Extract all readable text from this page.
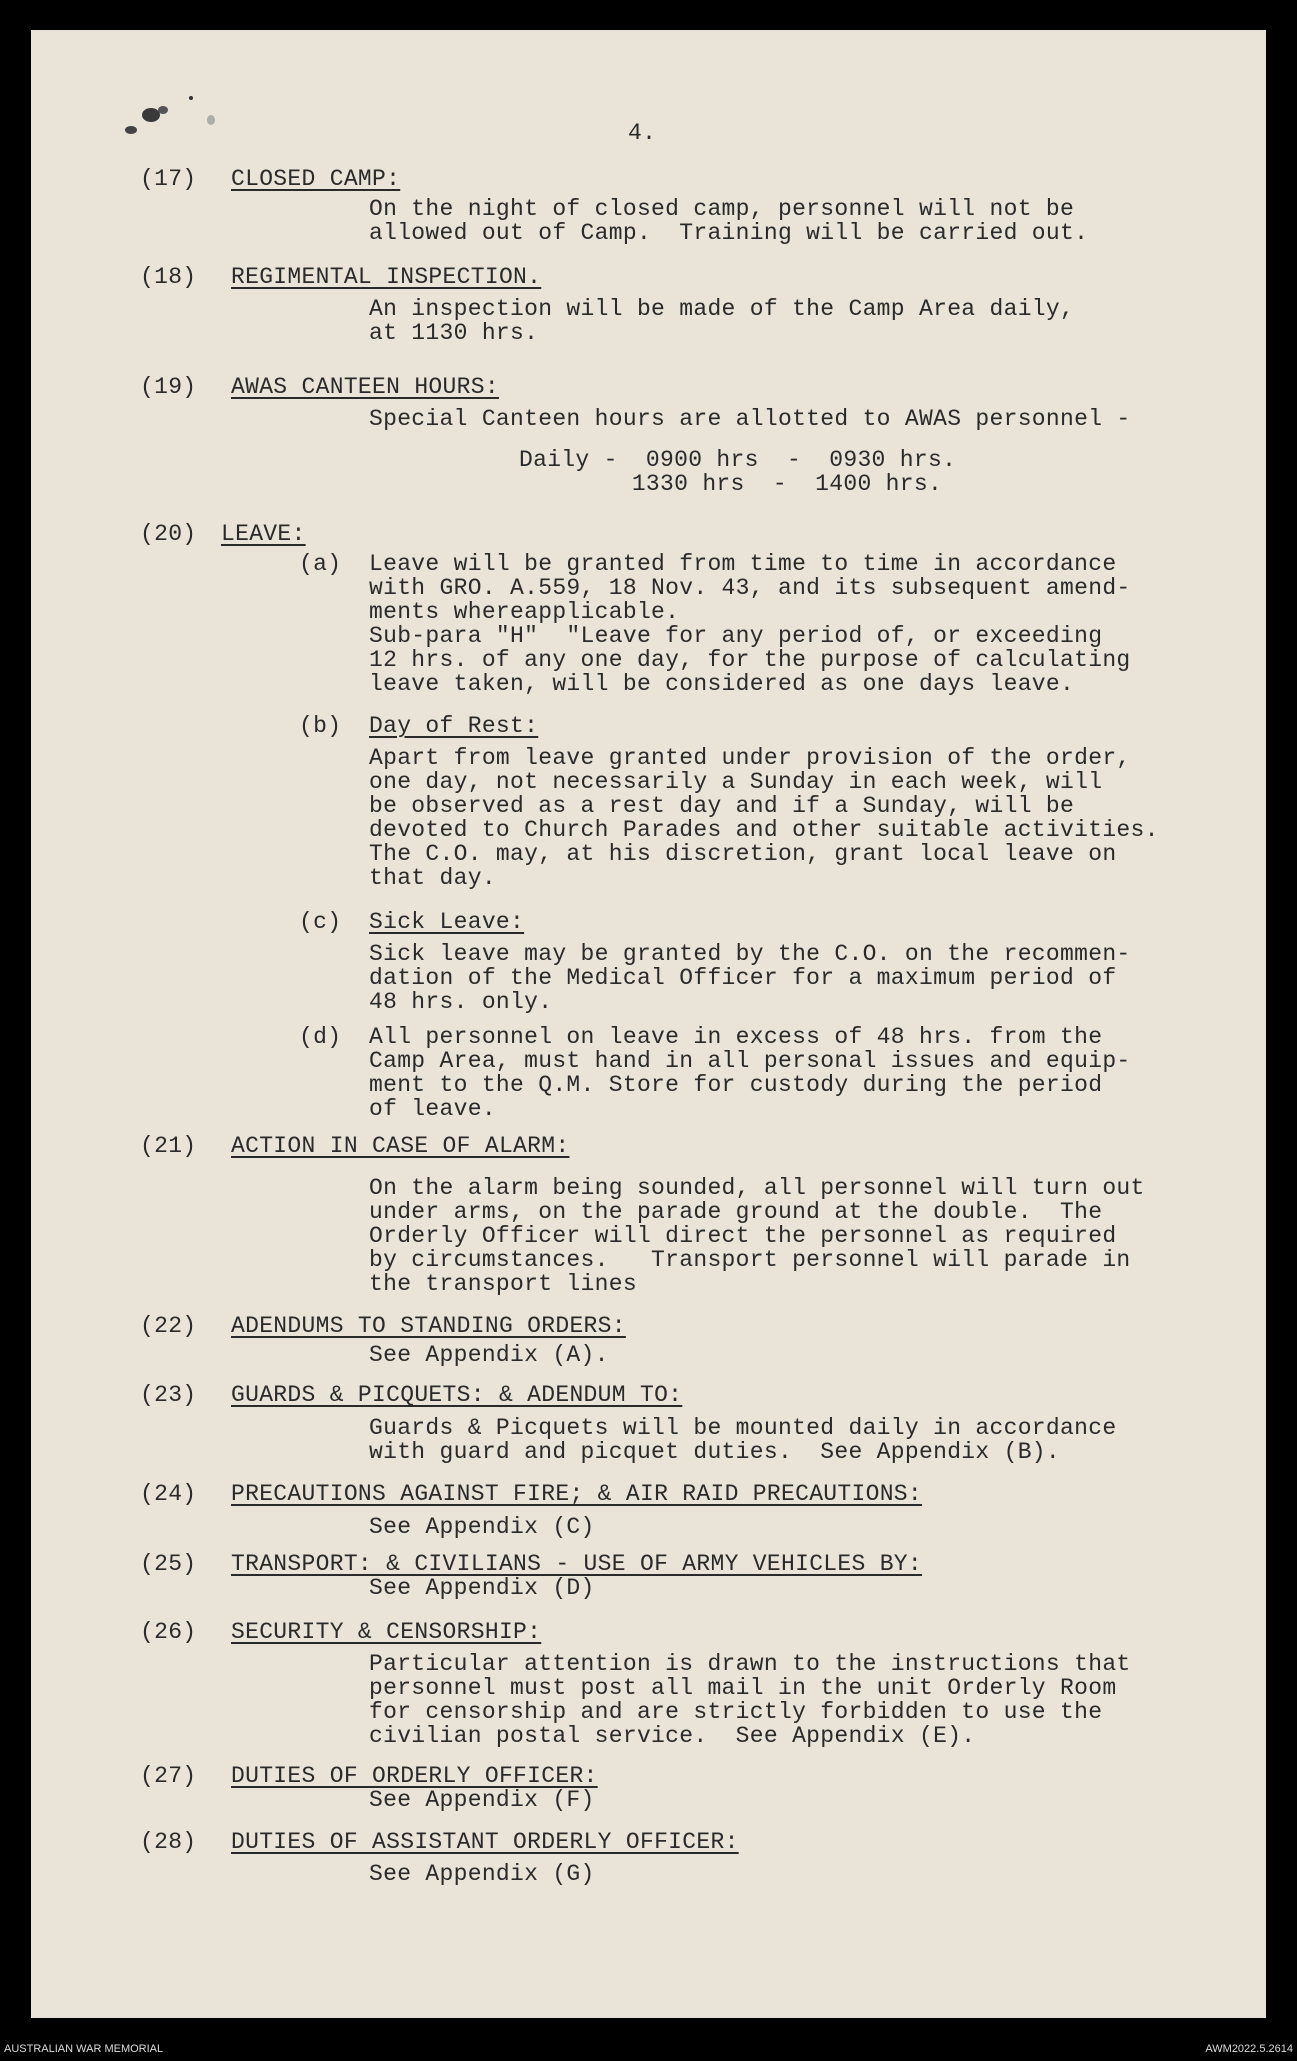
4.
(17) CLOSED CAMP:
On the night of closed camp, personnel will not be
allowed out of Camp.  Training will be carried out.
(18) REGIMENTAL INSPECTION.
An inspection will be made of the Camp Area daily,
at 1130 hrs.
(19) AWAS CANTEEN HOURS:
Special Canteen hours are allotted to AWAS personnel -
Daily -  0900 hrs  -  0930 hrs.
1330 hrs  -  1400 hrs.
(20) LEAVE:
(a) Leave will be granted from time to time in accordance
with GRO. A.559, 18 Nov. 43, and its subsequent amend-
ments whereapplicable.
Sub-para "H"  "Leave for any period of, or exceeding
12 hrs. of any one day, for the purpose of calculating
leave taken, will be considered as one days leave.
(b) Day of Rest:
Apart from leave granted under provision of the order,
one day, not necessarily a Sunday in each week, will
be observed as a rest day and if a Sunday, will be
devoted to Church Parades and other suitable activities.
The C.O. may, at his discretion, grant local leave on
that day.
(c) Sick Leave:
Sick leave may be granted by the C.O. on the recommen-
dation of the Medical Officer for a maximum period of
48 hrs. only.
(d) All personnel on leave in excess of 48 hrs. from the
Camp Area, must hand in all personal issues and equip-
ment to the Q.M. Store for custody during the period
of leave.
(21) ACTION IN CASE OF ALARM:
On the alarm being sounded, all personnel will turn out
under arms, on the parade ground at the double.  The
Orderly Officer will direct the personnel as required
by circumstances.   Transport personnel will parade in
the transport lines
(22) ADENDUMS TO STANDING ORDERS:
See Appendix (A).
(23) GUARDS & PICQUETS: & ADENDUM TO:
Guards & Picquets will be mounted daily in accordance
with guard and picquet duties.  See Appendix (B).
(24) PRECAUTIONS AGAINST FIRE; & AIR RAID PRECAUTIONS:
See Appendix (C)
(25) TRANSPORT: & CIVILIANS - USE OF ARMY VEHICLES BY:
See Appendix (D)
(26) SECURITY & CENSORSHIP:
Particular attention is drawn to the instructions that
personnel must post all mail in the unit Orderly Room
for censorship and are strictly forbidden to use the
civilian postal service.  See Appendix (E).
(27) DUTIES OF ORDERLY OFFICER:
See Appendix (F)
(28) DUTIES OF ASSISTANT ORDERLY OFFICER:
See Appendix (G)
AUSTRALIAN WAR MEMORIAL	AWM2022.5.2614
